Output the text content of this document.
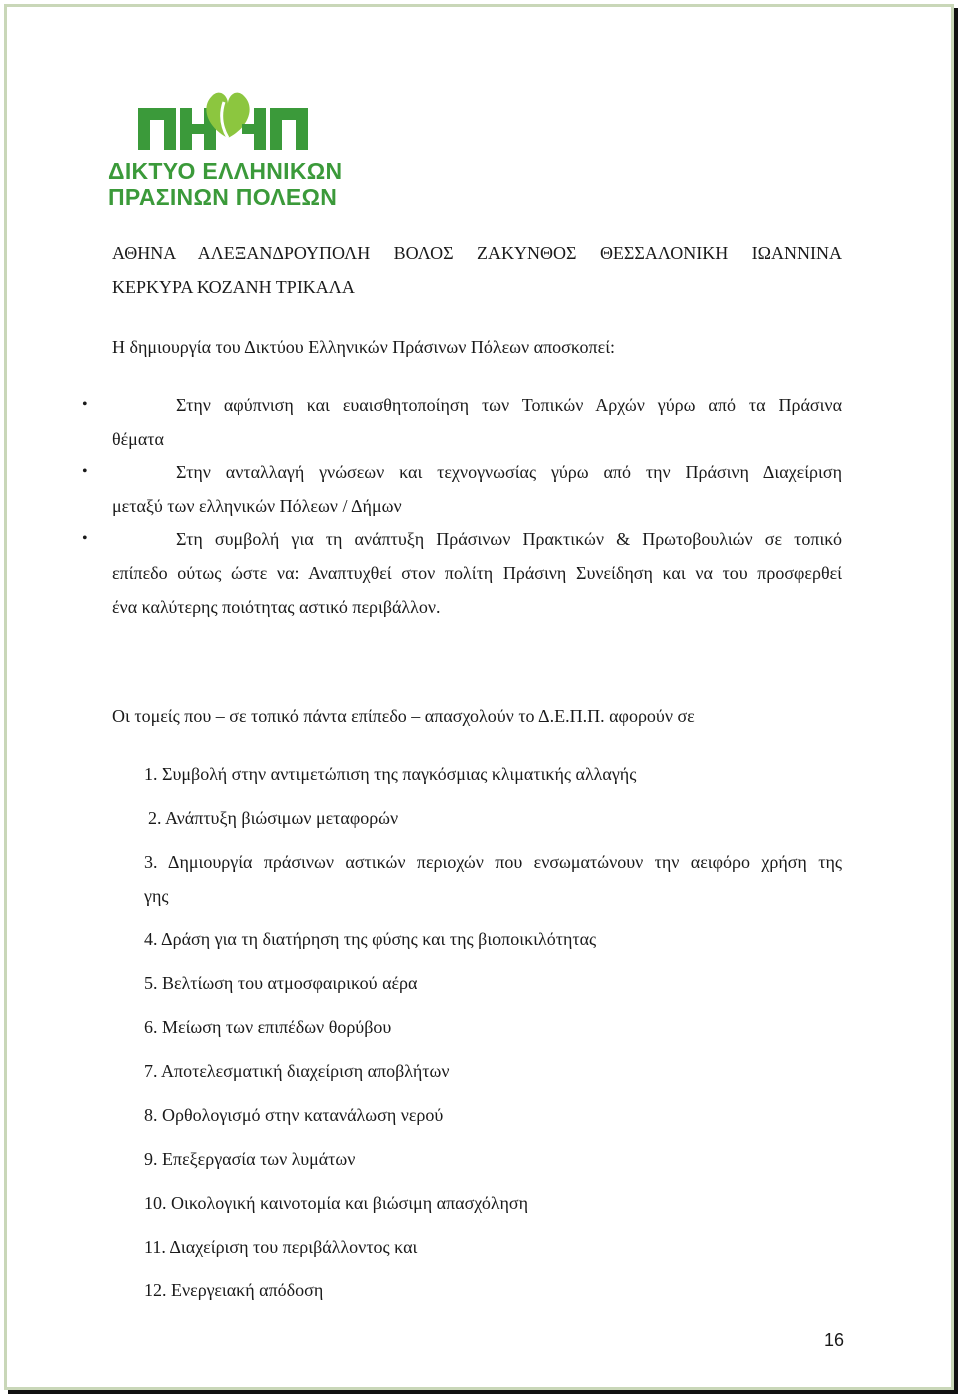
ΔΙΚΤΥΟ ΕΛΛΗΝΙΚΩΝ
ΠΡΑΣΙΝΩΝ ΠΟΛΕΩΝ
ΑΘΗΝΑ ΑΛΕΞΑΝΔΡΟΥΠΟΛΗ ΒΟΛΟΣ ΖΑΚΥΝΘΟΣ ΘΕΣΣΑΛΟΝΙΚΗ ΙΩΑΝΝΙΝΑ
ΚΕΡΚΥΡΑ ΚΟΖΑΝΗ ΤΡΙΚΑΛΑ
Η δημιουργία του Δικτύου Ελληνικών Πράσινων Πόλεων αποσκοπεί:
•	Στην αφύπνιση και ευαισθητοποίηση των Τοπικών Αρχών γύρω από τα Πράσινα
θέματα
•	Στην ανταλλαγή γνώσεων και τεχνογνωσίας γύρω από την Πράσινη Διαχείριση
μεταξύ των ελληνικών Πόλεων / Δήμων
•	Στη συμβολή για τη ανάπτυξη Πράσινων Πρακτικών & Πρωτοβουλιών σε τοπικό
επίπεδο ούτως ώστε να: Αναπτυχθεί στον πολίτη Πράσινη Συνείδηση και να του προσφερθεί
ένα καλύτερης ποιότητας αστικό περιβάλλον.
Οι τομείς που – σε τοπικό πάντα επίπεδο – απασχολούν το Δ.Ε.Π.Π. αφορούν σε
1. Συμβολή στην αντιμετώπιση της παγκόσμιας κλιματικής αλλαγής
2. Ανάπτυξη βιώσιμων μεταφορών
3. Δημιουργία πράσινων αστικών περιοχών που ενσωματώνουν την αειφόρο χρήση της
γης
4. Δράση για τη διατήρηση της φύσης και της βιοποικιλότητας
5. Βελτίωση του ατμοσφαιρικού αέρα
6. Μείωση των επιπέδων θορύβου
7. Αποτελεσματική διαχείριση αποβλήτων
8. Ορθολογισμό στην κατανάλωση νερού
9. Επεξεργασία των λυμάτων
10. Οικολογική καινοτομία και βιώσιμη απασχόληση
11. Διαχείριση του περιβάλλοντος και
12. Ενεργειακή απόδοση
16
